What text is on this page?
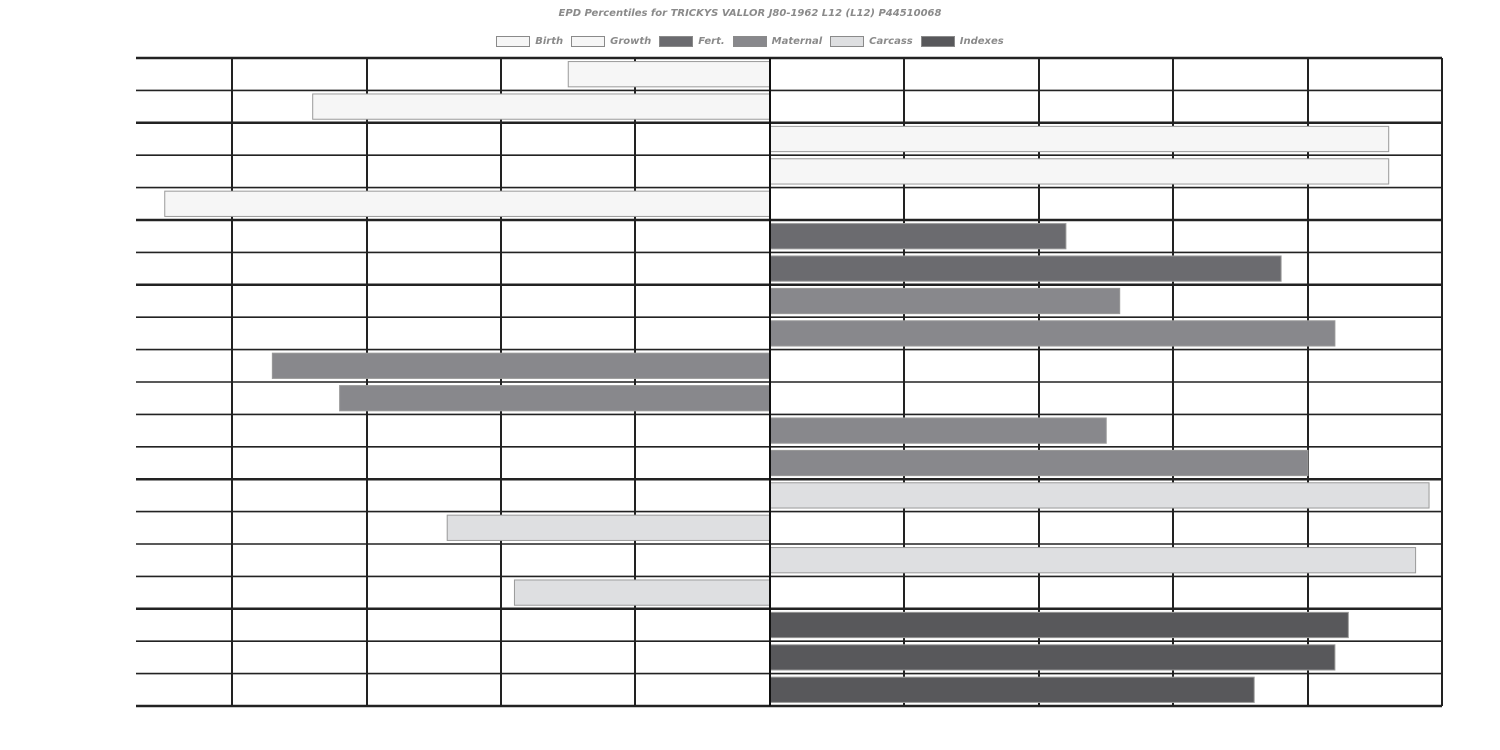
EPD Percentiles for TRICKYS VALLOR J80-1962 L12 (L12) P44510068
Birth	Growth	Fert.	Maternal	Carcass	Indexes
